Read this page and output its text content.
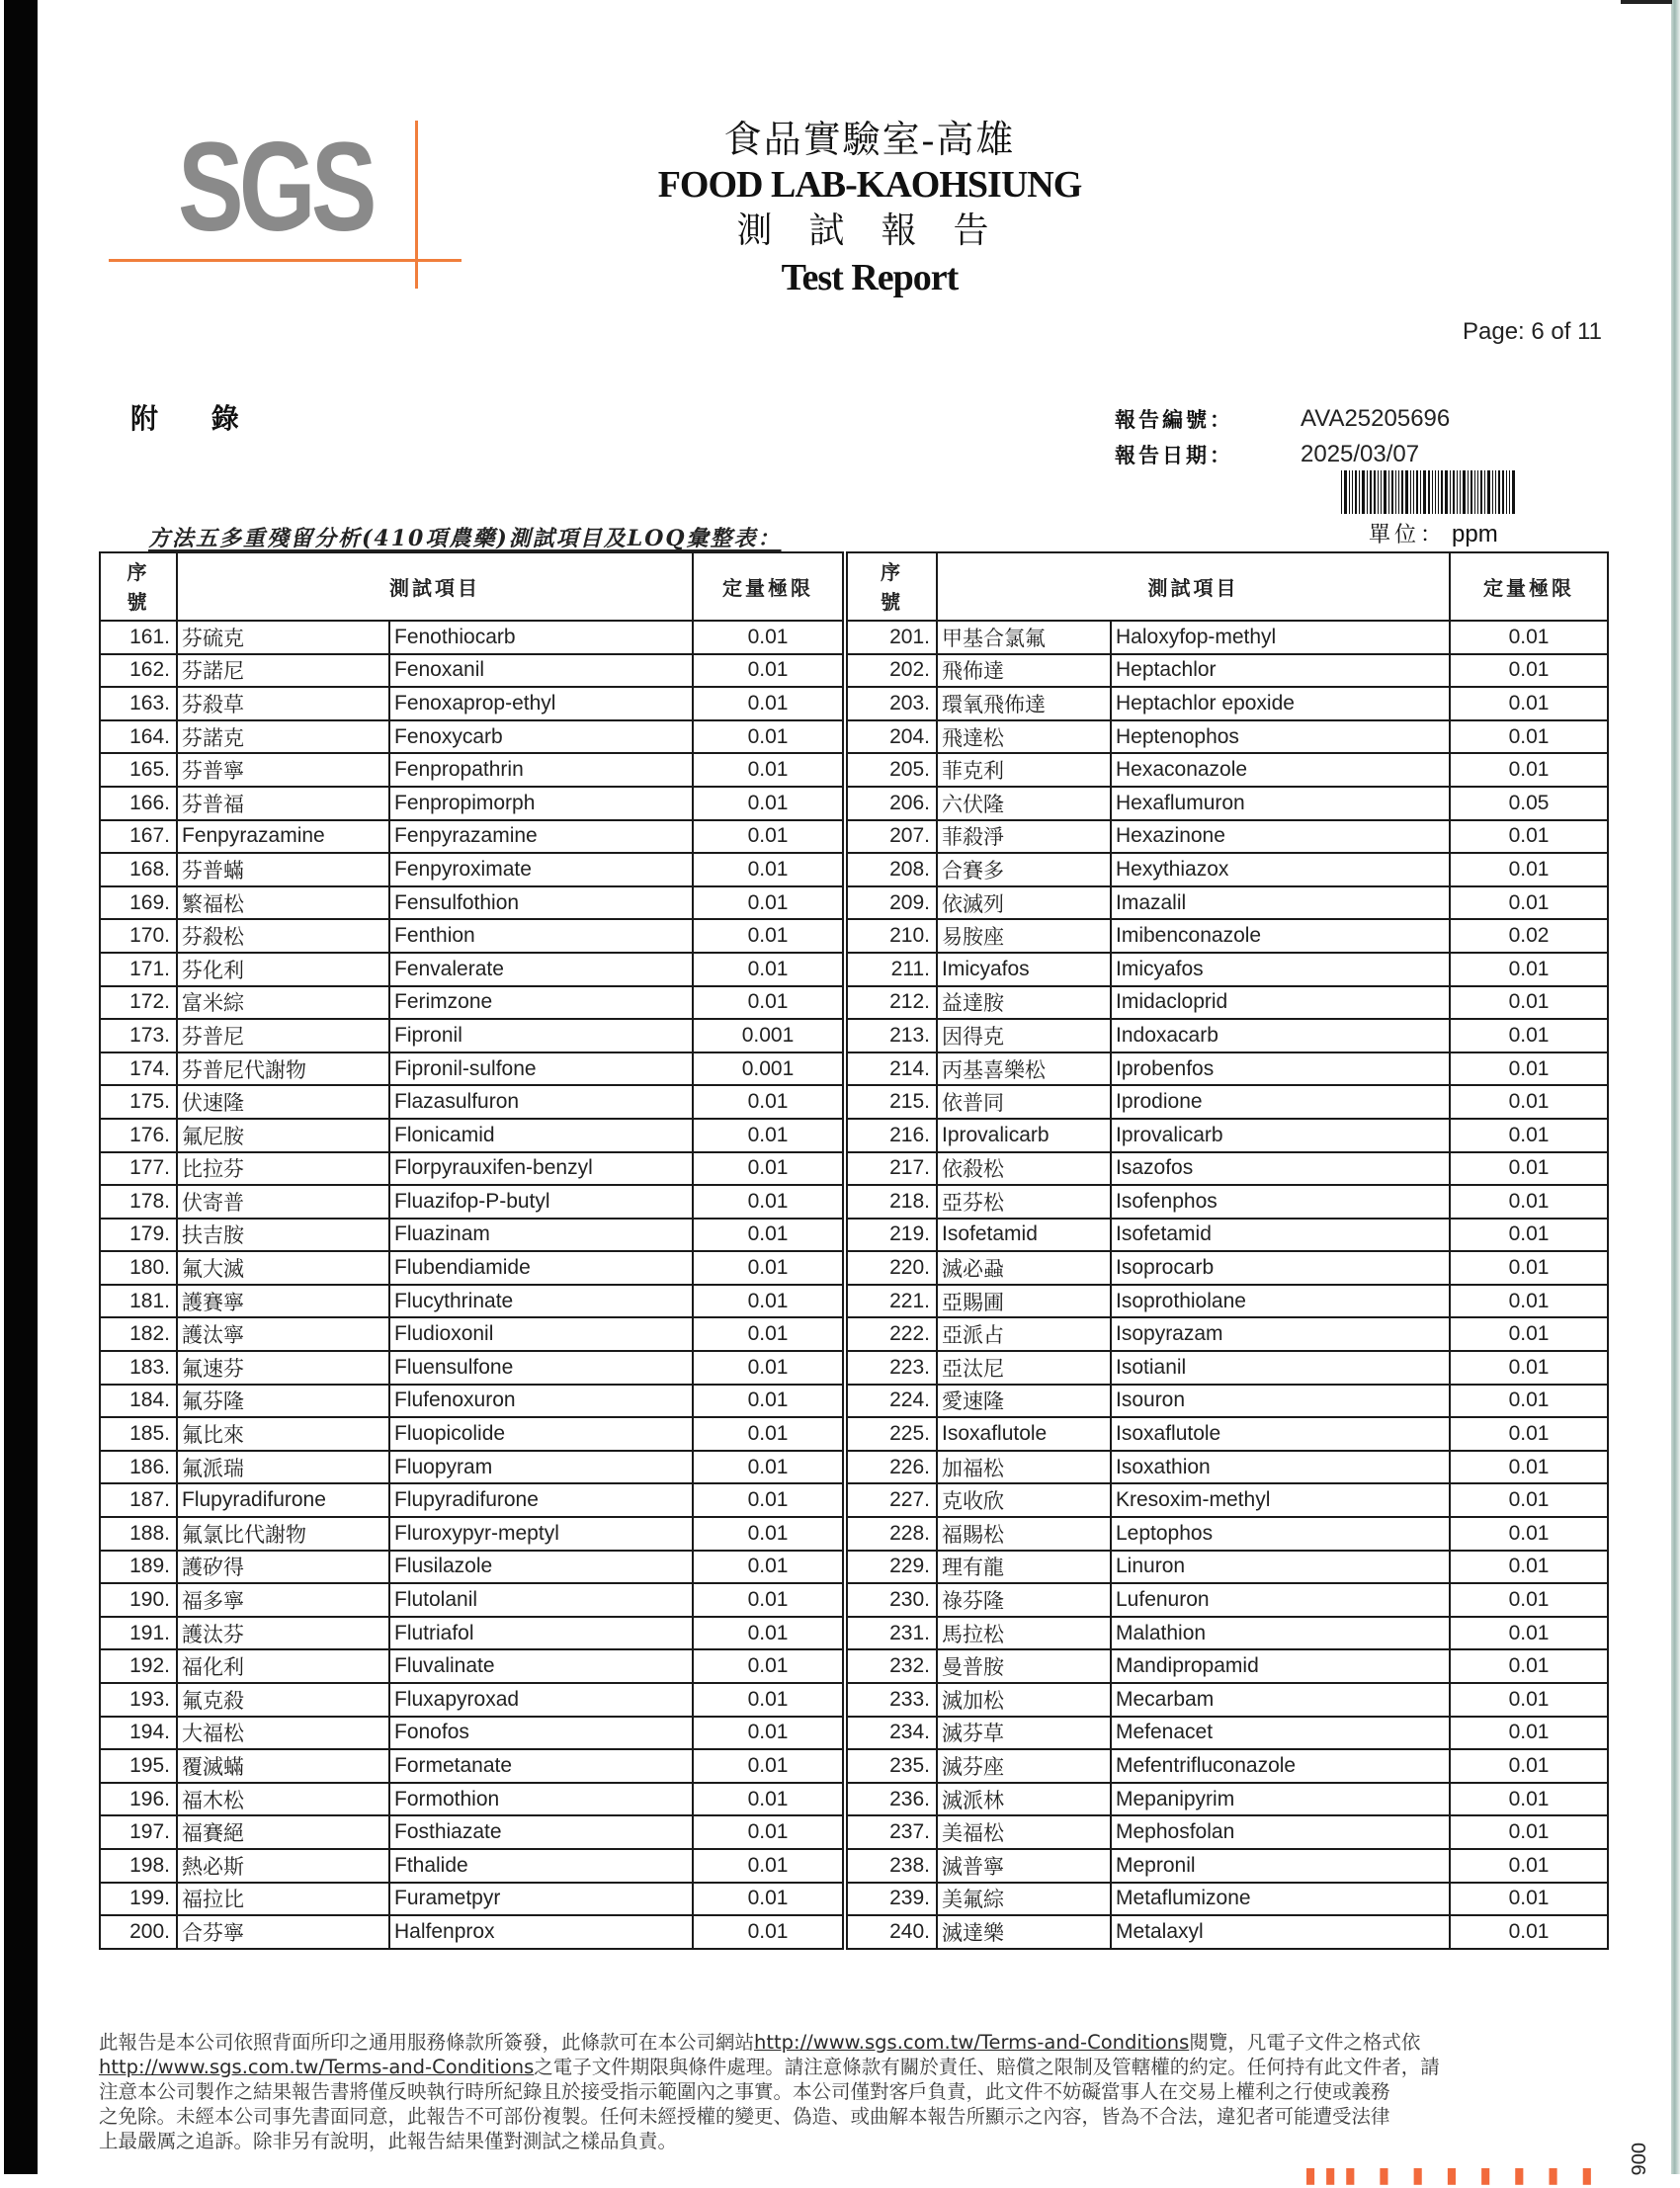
SGS	食品實驗室-高雄
FOOD LAB-KAOHSIUNG
測 試 報 告
Test Report
Page: 6 of 11
附 錄	報告編號：	AVA25205696
報告日期：	2025/03/07
單位： ppm
方法五多重殘留分析(410項農藥)測試項目及LOQ彙整表：
序
號	測試項目		定量極限
161.	芬硫克	Fenothiocarb	0.01
162.	芬諾尼	Fenoxanil	0.01
163.	芬殺草	Fenoxaprop-ethyl	0.01
164.	芬諾克	Fenoxycarb	0.01
165.	芬普寧	Fenpropathrin	0.01
166.	芬普福	Fenpropimorph	0.01
167.	Fenpyrazamine	Fenpyrazamine	0.01
168.	芬普蟎	Fenpyroximate	0.01
169.	繁福松	Fensulfothion	0.01
170.	芬殺松	Fenthion	0.01
171.	芬化利	Fenvalerate	0.01
172.	富米綜	Ferimzone	0.01
173.	芬普尼	Fipronil	0.001
174.	芬普尼代謝物	Fipronil-sulfone	0.001
175.	伏速隆	Flazasulfuron	0.01
176.	氟尼胺	Flonicamid	0.01
177.	比拉芬	Florpyrauxifen-benzyl	0.01
178.	伏寄普	Fluazifop-P-butyl	0.01
179.	扶吉胺	Fluazinam	0.01
180.	氟大滅	Flubendiamide	0.01
181.	護賽寧	Flucythrinate	0.01
182.	護汰寧	Fludioxonil	0.01
183.	氟速芬	Fluensulfone	0.01
184.	氟芬隆	Flufenoxuron	0.01
185.	氟比來	Fluopicolide	0.01
186.	氟派瑞	Fluopyram	0.01
187.	Flupyradifurone	Flupyradifurone	0.01
188.	氟氯比代謝物	Fluroxypyr-meptyl	0.01
189.	護矽得	Flusilazole	0.01
190.	福多寧	Flutolanil	0.01
191.	護汰芬	Flutriafol	0.01
192.	福化利	Fluvalinate	0.01
193.	氟克殺	Fluxapyroxad	0.01
194.	大福松	Fonofos	0.01
195.	覆滅蟎	Formetanate	0.01
196.	福木松	Formothion	0.01
197.	福賽絕	Fosthiazate	0.01
198.	熱必斯	Fthalide	0.01
199.	福拉比	Furametpyr	0.01
200.	合芬寧	Halfenprox	0.01
序
號	測試項目		定量極限
201.	甲基合氯氟	Haloxyfop-methyl	0.01
202.	飛佈達	Heptachlor	0.01
203.	環氧飛佈達	Heptachlor epoxide	0.01
204.	飛達松	Heptenophos	0.01
205.	菲克利	Hexaconazole	0.01
206.	六伏隆	Hexaflumuron	0.05
207.	菲殺淨	Hexazinone	0.01
208.	合賽多	Hexythiazox	0.01
209.	依滅列	Imazalil	0.01
210.	易胺座	Imibenconazole	0.02
211.	Imicyafos	Imicyafos	0.01
212.	益達胺	Imidacloprid	0.01
213.	因得克	Indoxacarb	0.01
214.	丙基喜樂松	Iprobenfos	0.01
215.	依普同	Iprodione	0.01
216.	Iprovalicarb	Iprovalicarb	0.01
217.	依殺松	Isazofos	0.01
218.	亞芬松	Isofenphos	0.01
219.	Isofetamid	Isofetamid	0.01
220.	滅必蝨	Isoprocarb	0.01
221.	亞賜圃	Isoprothiolane	0.01
222.	亞派占	Isopyrazam	0.01
223.	亞汰尼	Isotianil	0.01
224.	愛速隆	Isouron	0.01
225.	Isoxaflutole	Isoxaflutole	0.01
226.	加福松	Isoxathion	0.01
227.	克收欣	Kresoxim-methyl	0.01
228.	福賜松	Leptophos	0.01
229.	理有龍	Linuron	0.01
230.	祿芬隆	Lufenuron	0.01
231.	馬拉松	Malathion	0.01
232.	曼普胺	Mandipropamid	0.01
233.	滅加松	Mecarbam	0.01
234.	滅芬草	Mefenacet	0.01
235.	滅芬座	Mefentrifluconazole	0.01
236.	滅派林	Mepanipyrim	0.01
237.	美福松	Mephosfolan	0.01
238.	滅普寧	Mepronil	0.01
239.	美氟綜	Metaflumizone	0.01
240.	滅達樂	Metalaxyl	0.01
此報告是本公司依照背面所印之通用服務條款所簽發，此條款可在本公司網站http://www.sgs.com.tw/Terms-and-Conditions閱覽，凡電子文件之格式依
http://www.sgs.com.tw/Terms-and-Conditions之電子文件期限與條件處理。請注意條款有關於責任、賠償之限制及管轄權的約定。任何持有此文件者，請
注意本公司製作之結果報告書將僅反映執行時所紀錄且於接受指示範圍內之事實。本公司僅對客戶負責，此文件不妨礙當事人在交易上權利之行使或義務
之免除。未經本公司事先書面同意，此報告不可部份複製。任何未經授權的變更、偽造、或曲解本報告所顯示之內容，皆為不合法，違犯者可能遭受法律
上最嚴厲之追訴。除非另有說明，此報告結果僅對測試之樣品負責。
006
▮▮▮ ▮ ▮ ▮ ▮ ▮ ▮ ▮
